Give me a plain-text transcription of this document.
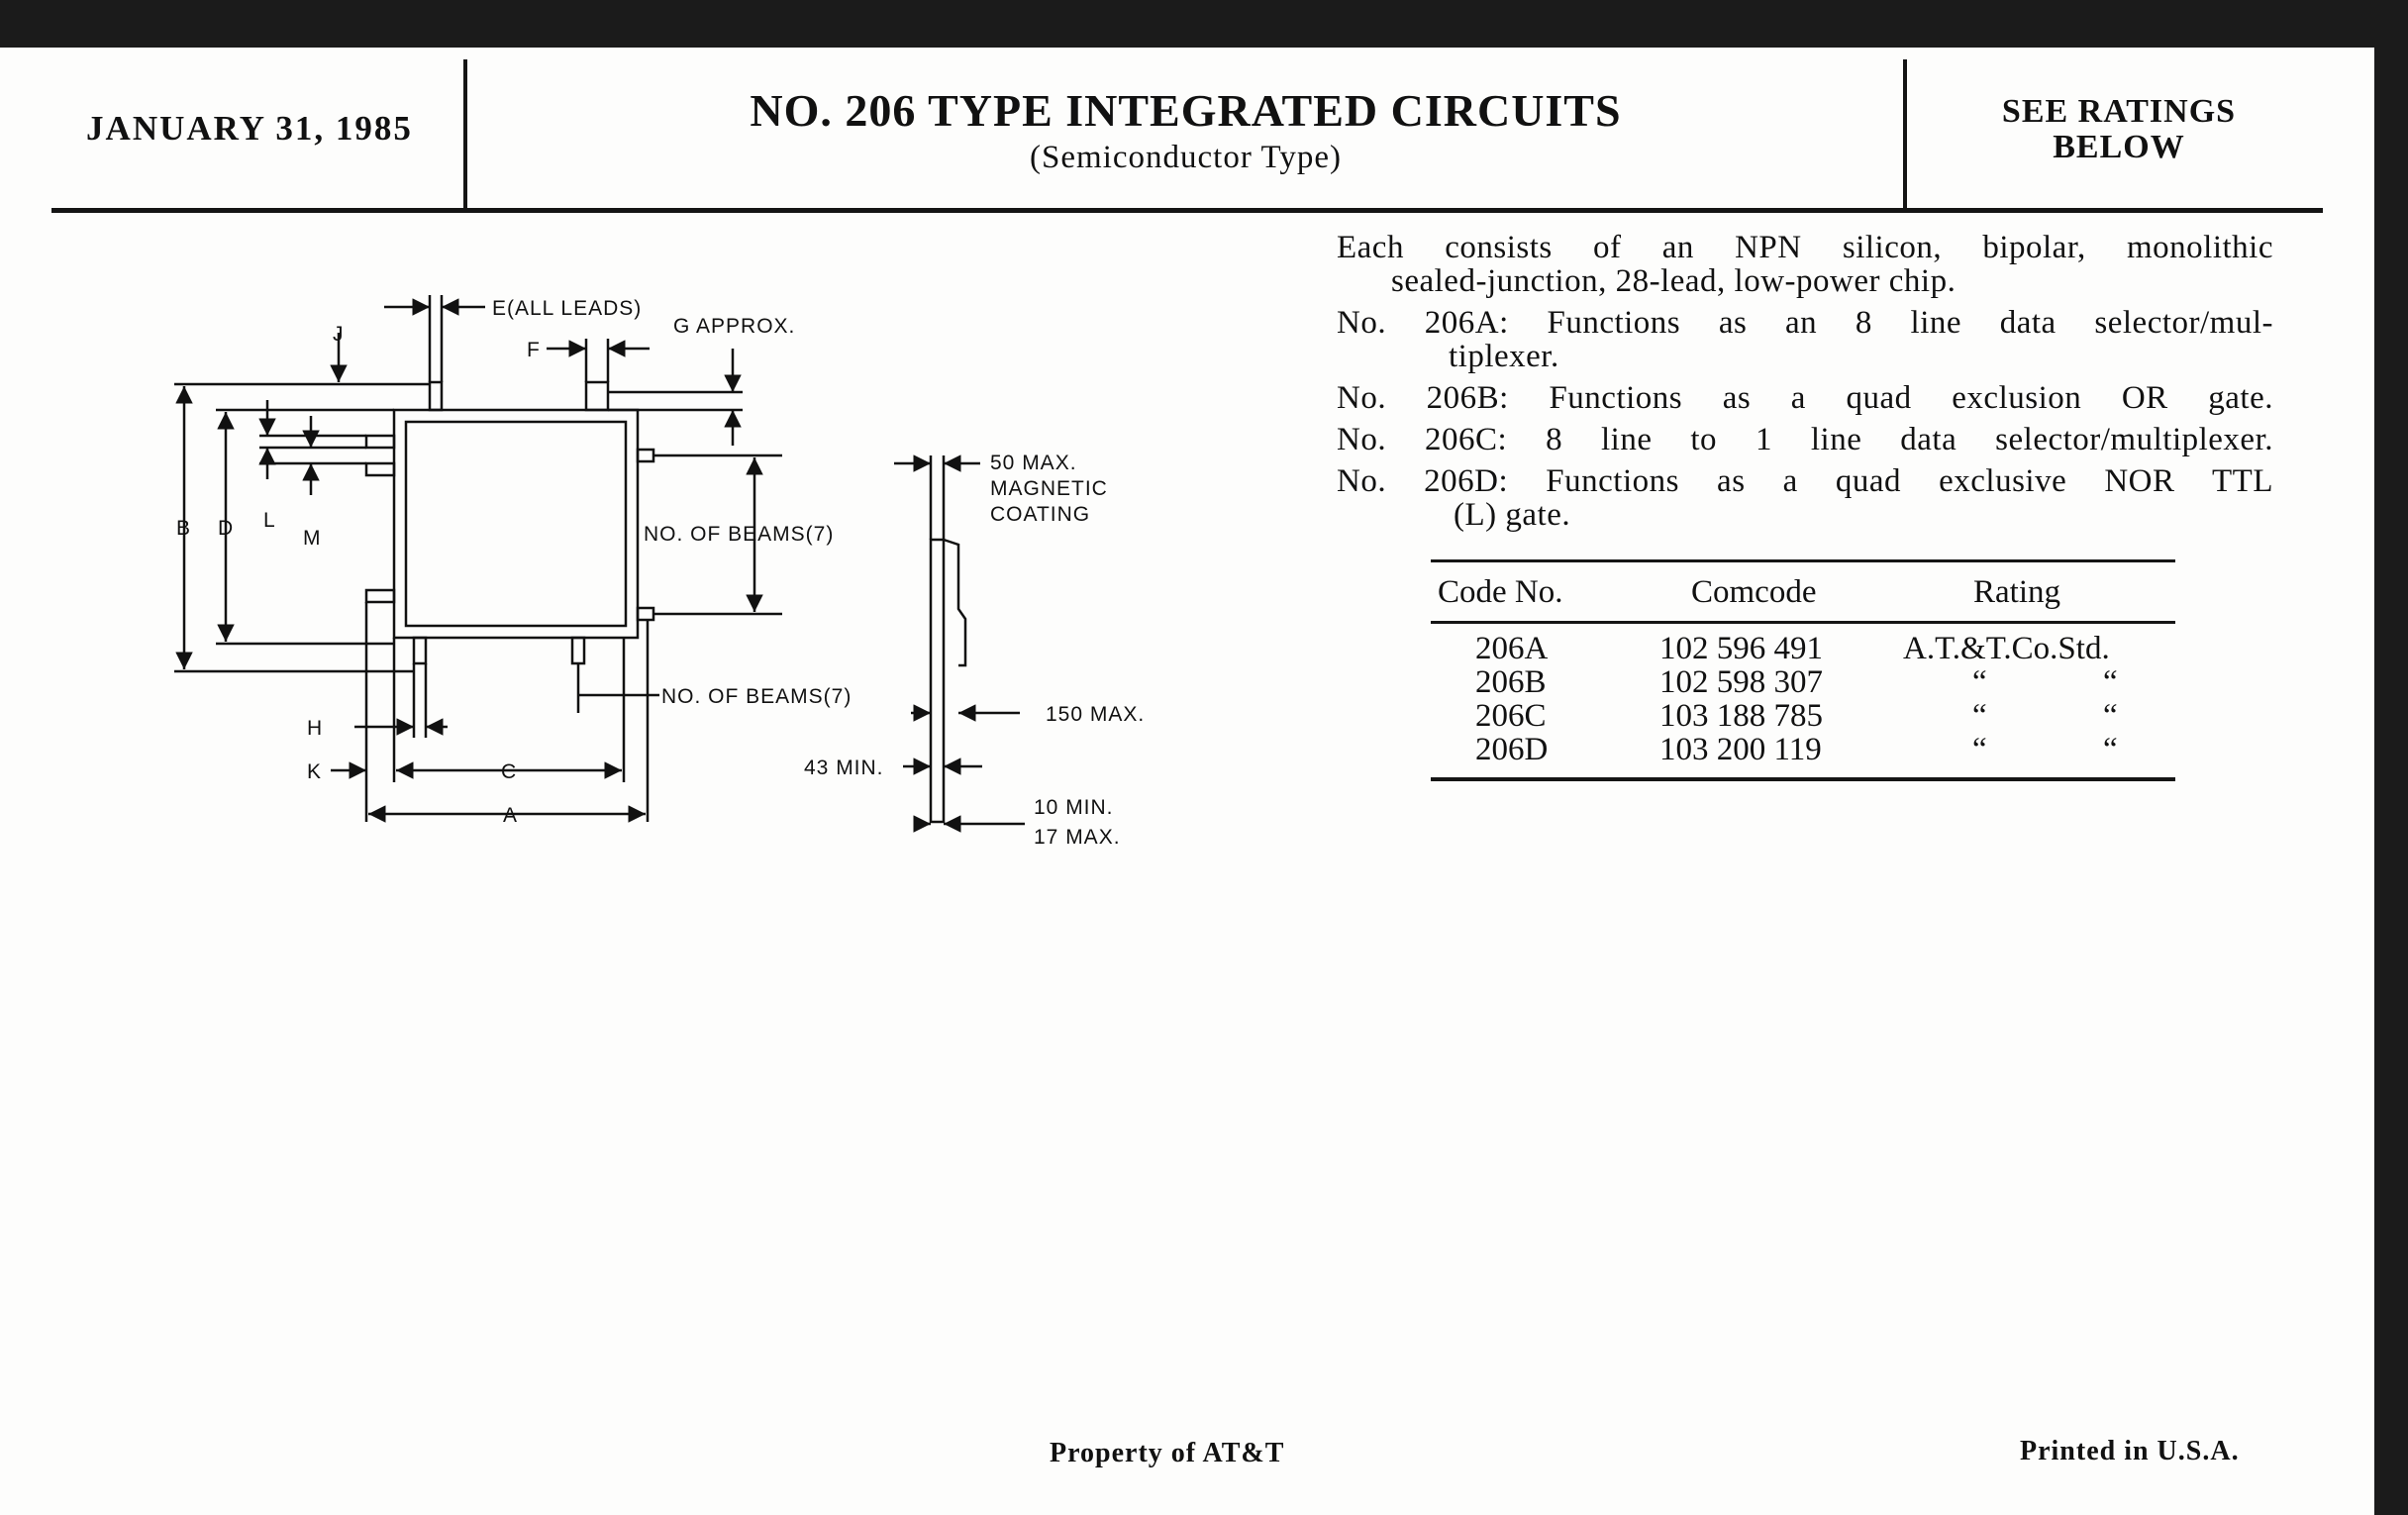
JANUARY 31, 1985	NO. 206 TYPE INTEGRATED CIRCUITS
(Semiconductor Type)
SEE RATINGS
BELOW
E(ALL LEADS)
G APPROX.
J
F
B D L
M	NO. OF BEAMS(7)
NO. OF BEAMS(7)
H
K	C
A
50 MAX.
MAGNETIC
COATING
150 MAX.
43 MIN.
10 MIN.
17 MAX.
Each consists of an NPN silicon, bipolar, monolithic
sealed-junction, 28-lead, low-power chip.
No. 206A: Functions as an 8 line data selector/mul-
tiplexer.
No. 206B: Functions as a quad exclusion OR gate.
No. 206C: 8 line to 1 line data selector/multiplexer.
No. 206D: Functions as a quad exclusive NOR TTL
(L) gate.
Code No.	Comcode	Rating
206A	102 596 491 A.T.&T.Co.Std.
206B	102 598 307	“	“
206C	103 188 785	“	“
206D	103 200 119	“	“
Property of AT&T	Printed in U.S.A.
